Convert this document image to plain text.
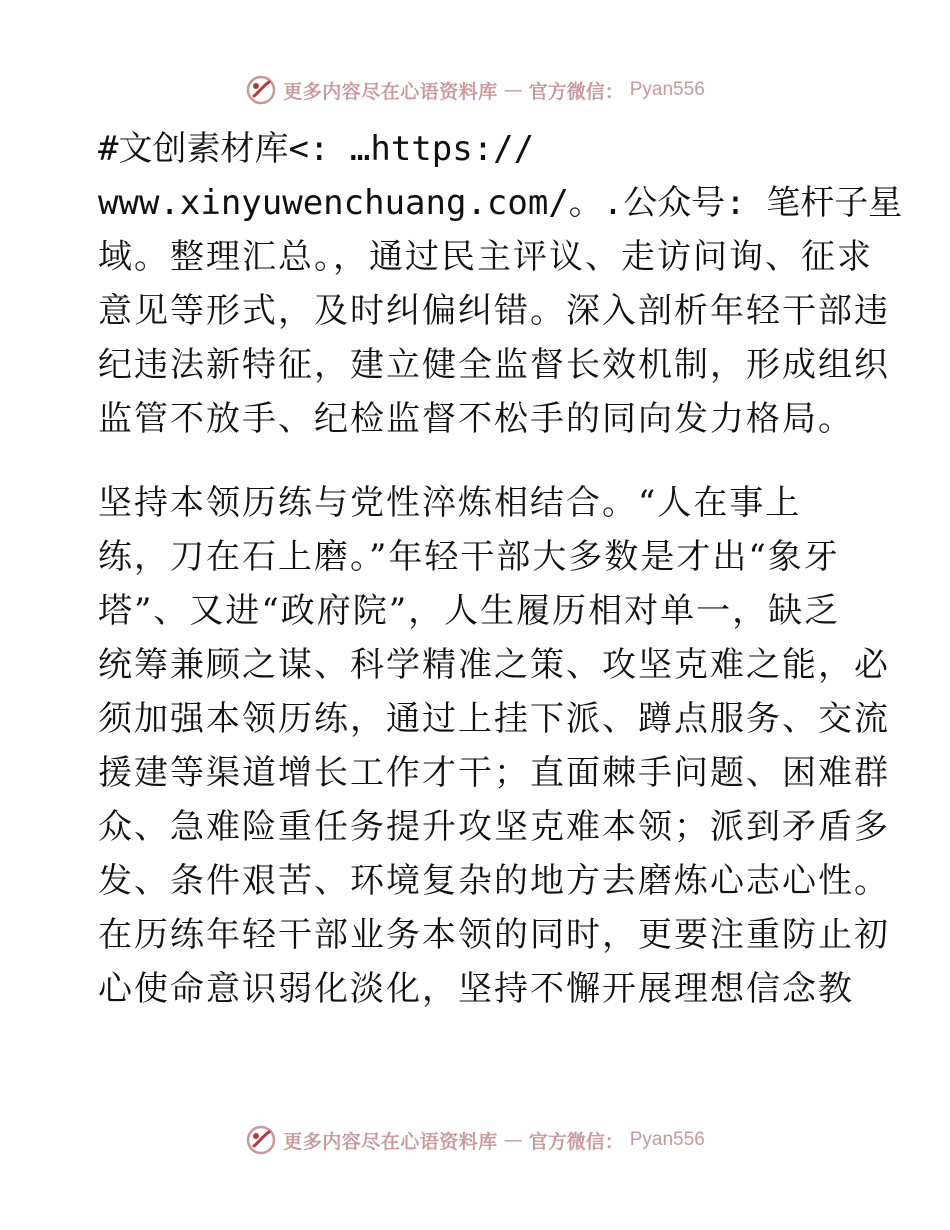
更多内容尽在心语资料库 — 官方微信： Pyan556
#文创素材库<: …https://
www.xinyuwenchuang.com/。.公众号: 笔杆子星
域。整理汇总。，通过民主评议、走访问询、征求
意见等形式，及时纠偏纠错。深入剖析年轻干部违
纪违法新特征，建立健全监督长效机制，形成组织
监管不放手、纪检监督不松手的同向发力格局。
坚持本领历练与党性淬炼相结合。“人在事上
练，刀在石上磨。”年轻干部大多数是才出“象牙
塔”、又进“政府院”，人生履历相对单一，缺乏
统筹兼顾之谋、科学精准之策、攻坚克难之能，必
须加强本领历练，通过上挂下派、蹲点服务、交流
援建等渠道增长工作才干；直面棘手问题、困难群
众、急难险重任务提升攻坚克难本领；派到矛盾多
发、条件艰苦、环境复杂的地方去磨炼心志心性。
在历练年轻干部业务本领的同时，更要注重防止初
心使命意识弱化淡化，坚持不懈开展理想信念教
更多内容尽在心语资料库 — 官方微信： Pyan556
